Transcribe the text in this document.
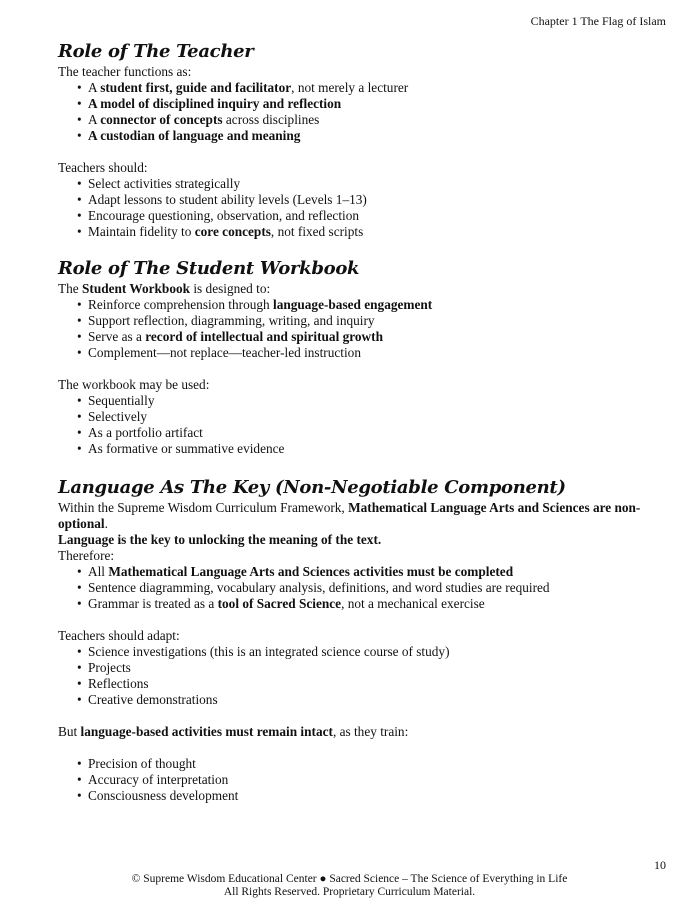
Chapter 1 The Flag of Islam
Role of The Teacher

The teacher functions as:

• A student first, guide and facilitator, not merely a lecturer
• A model of disciplined inquiry and reflection
• A connector of concepts across disciplines
• A custodian of language and meaning

Teachers should:

• Select activities strategically
• Adapt lessons to student ability levels (Levels 1–13)
• Encourage questioning, observation, and reflection
• Maintain fidelity to core concepts, not fixed scripts
Role of The Student Workbook

The Student Workbook is designed to:

• Reinforce comprehension through language-based engagement
• Support reflection, diagramming, writing, and inquiry
• Serve as a record of intellectual and spiritual growth
• Complement—not replace—teacher-led instruction

The workbook may be used:

• Sequentially
• Selectively
• As a portfolio artifact
• As formative or summative evidence
Language As The Key (Non-Negotiable Component)

Within the Supreme Wisdom Curriculum Framework, Mathematical Language Arts and Sciences are non-optional.

Language is the key to unlocking the meaning of the text.

Therefore:

• All Mathematical Language Arts and Sciences activities must be completed
• Sentence diagramming, vocabulary analysis, definitions, and word studies are required
• Grammar is treated as a tool of Sacred Science, not a mechanical exercise

Teachers should adapt:

• Science investigations (this is an integrated science course of study)
• Projects
• Reflections
• Creative demonstrations

But language-based activities must remain intact, as they train:

• Precision of thought
• Accuracy of interpretation
• Consciousness development
10
© Supreme Wisdom Educational Center ● Sacred Science – The Science of Everything in Life
All Rights Reserved. Proprietary Curriculum Material.
